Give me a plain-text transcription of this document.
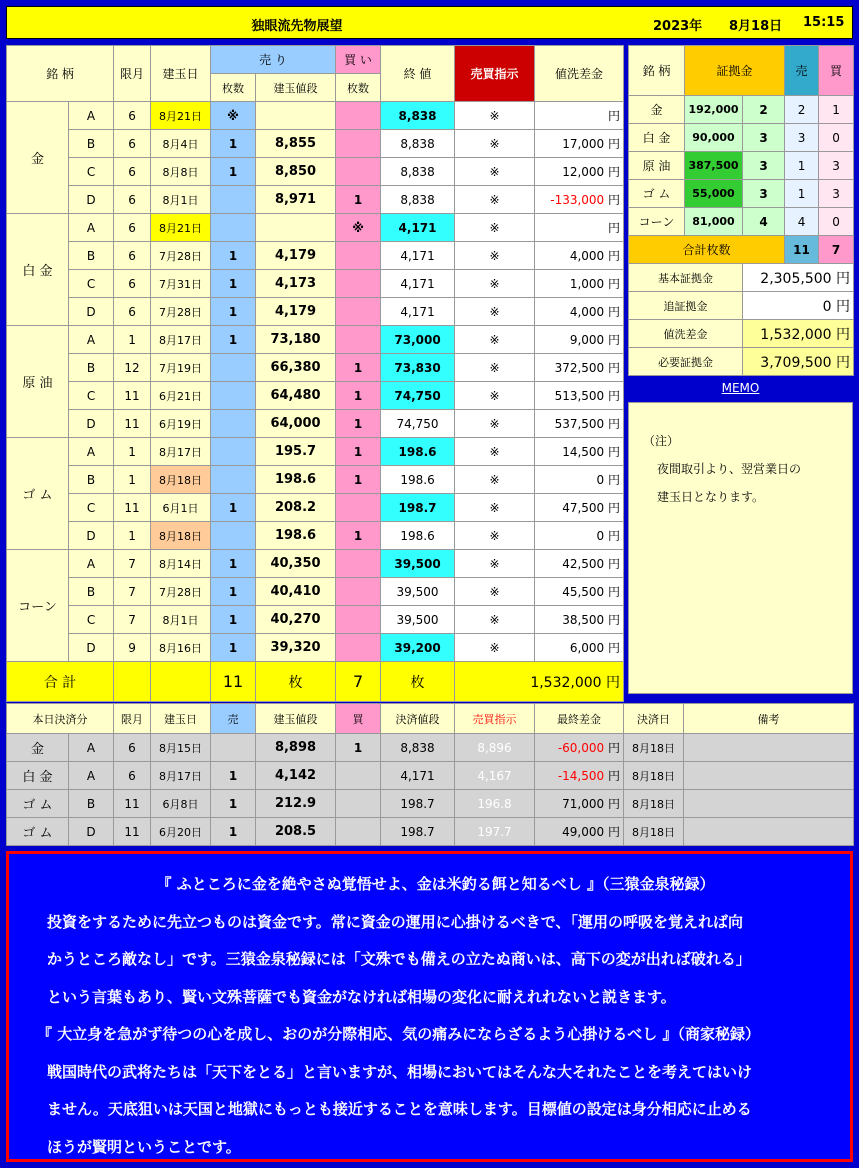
独眼流先物展望	2023年 8月18日 15:15
銘 柄		限月	建玉日	売 り		買 い	終 値	売買指示	値洗差金
				枚数	建玉値段	枚数			
金	A	6	8月21日	※			8,838	※	円
	B	6	8月4日	1	8,855		8,838	※	17,000 円
	C	6	8月8日	1	8,850		8,838	※	12,000 円
	D	6	8月1日		8,971	1	8,838	※	-133,000 円
白 金	A	6	8月21日			※	4,171	※	円
	B	6	7月28日	1	4,179		4,171	※	4,000 円
	C	6	7月31日	1	4,173		4,171	※	1,000 円
	D	6	7月28日	1	4,179		4,171	※	4,000 円
原 油	A	1	8月17日	1	73,180		73,000	※	9,000 円
	B	12	7月19日		66,380	1	73,830	※	372,500 円
	C	11	6月21日		64,480	1	74,750	※	513,500 円
	D	11	6月19日		64,000	1	74,750	※	537,500 円
ゴ ム	A	1	8月17日		195.7	1	198.6	※	14,500 円
	B	1	8月18日		198.6	1	198.6	※	0 円
	C	11	6月1日	1	208.2		198.7	※	47,500 円
	D	1	8月18日		198.6	1	198.6	※	0 円
コーン	A	7	8月14日	1	40,350		39,500	※	42,500 円
	B	7	7月28日	1	40,410		39,500	※	45,500 円
	C	7	8月1日	1	40,270		39,500	※	38,500 円
	D	9	8月16日	1	39,320		39,200	※	6,000 円
合 計				11	枚	7	枚	1,532,000 円	
銘 柄	証拠金		売	買
金	192,000	2	2	1
白 金	90,000	3	3	0
原 油	387,500	3	1	3
ゴ ム	55,000	3	1	3
コーン	81,000	4	4	0
合計枚数			11	7
基本証拠金		2,305,500 円		
追証拠金		0 円		
値洗差金		1,532,000 円		
必要証拠金		3,709,500 円		
MEMO
（注）
夜間取引より、翌営業日の
建玉日となります。
本日決済分		限月	建玉日	売	建玉値段	買	決済値段	売買指示	最終差金	決済日	備考
金	A	6	8月15日		8,898	1	8,838	8,896	-60,000 円	8月18日	
白 金	A	6	8月17日	1	4,142		4,171	4,167	-14,500 円	8月18日	
ゴ ム	B	11	6月8日	1	212.9		198.7	196.8	71,000 円	8月18日	
ゴ ム	D	11	6月20日	1	208.5		198.7	197.7	49,000 円	8月18日	
『 ふところに金を絶やさぬ覚悟せよ、金は米釣る餌と知るべし 』（三猿金泉秘録）
投資をするために先立つものは資金です。常に資金の運用に心掛けるべきで、「運用の呼吸を覚えれば向
かうところ敵なし」です。三猿金泉秘録には「文殊でも備えの立たぬ商いは、高下の変が出れば破れる」
という言葉もあり、賢い文殊菩薩でも資金がなければ相場の変化に耐えれれないと説きます。
『 大立身を急がず待つの心を成し、おのが分際相応、気の痛みにならざるよう心掛けるべし 』（商家秘録）
戦国時代の武将たちは「天下をとる」と言いますが、相場においてはそんな大それたことを考えてはいけ
ません。天底狙いは天国と地獄にもっとも接近することを意味します。目標値の設定は身分相応に止める
ほうが賢明ということです。
